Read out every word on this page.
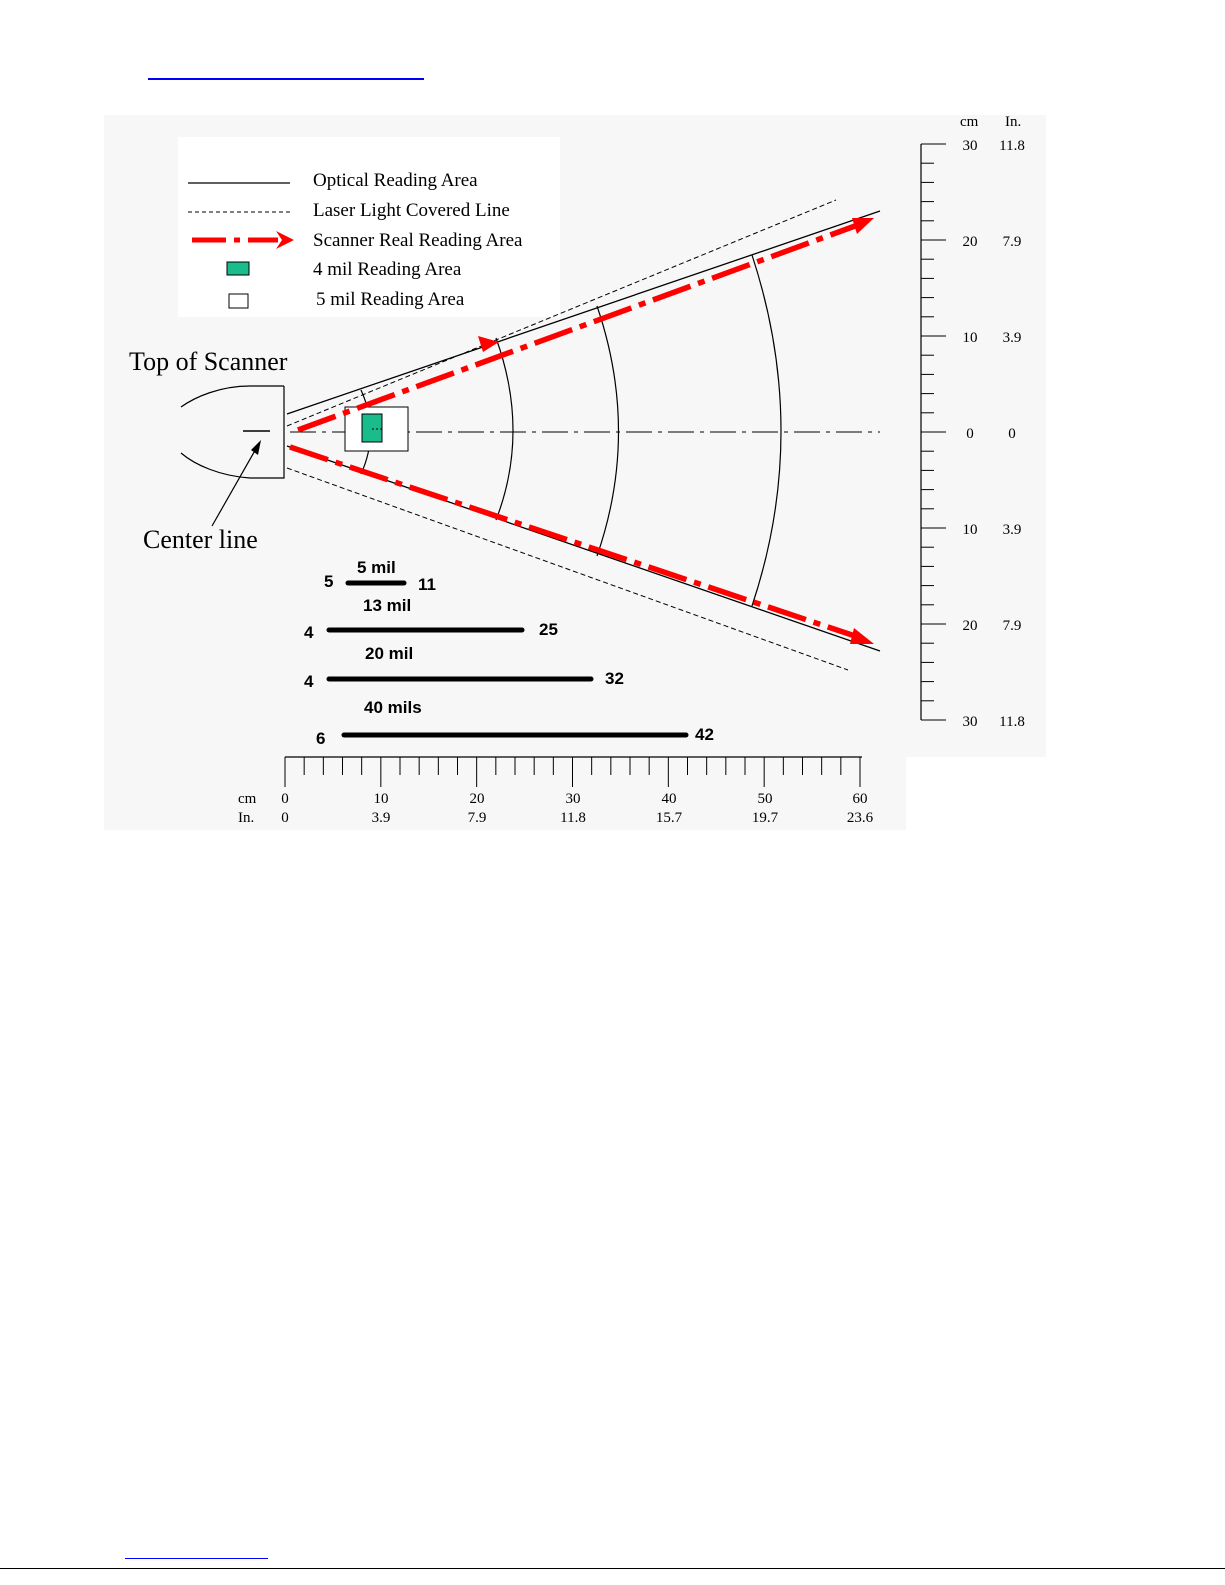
Optical Reading Area
Laser Light Covered Line
Scanner Real Reading Area
4 mil Reading Area
5 mil Reading Area
Top of Scanner
Center line
5 mil
5	11
13 mil
4	25
20 mil
4	32
40 mils
6	42
cm
In.
0	10	20	30	40	50	60
0	3.9	7.9	11.8	15.7	19.7	23.6
cm In.
30
20
10
0
10
20
30
11.8
7.9
3.9
0
3.9
7.9
11.8
